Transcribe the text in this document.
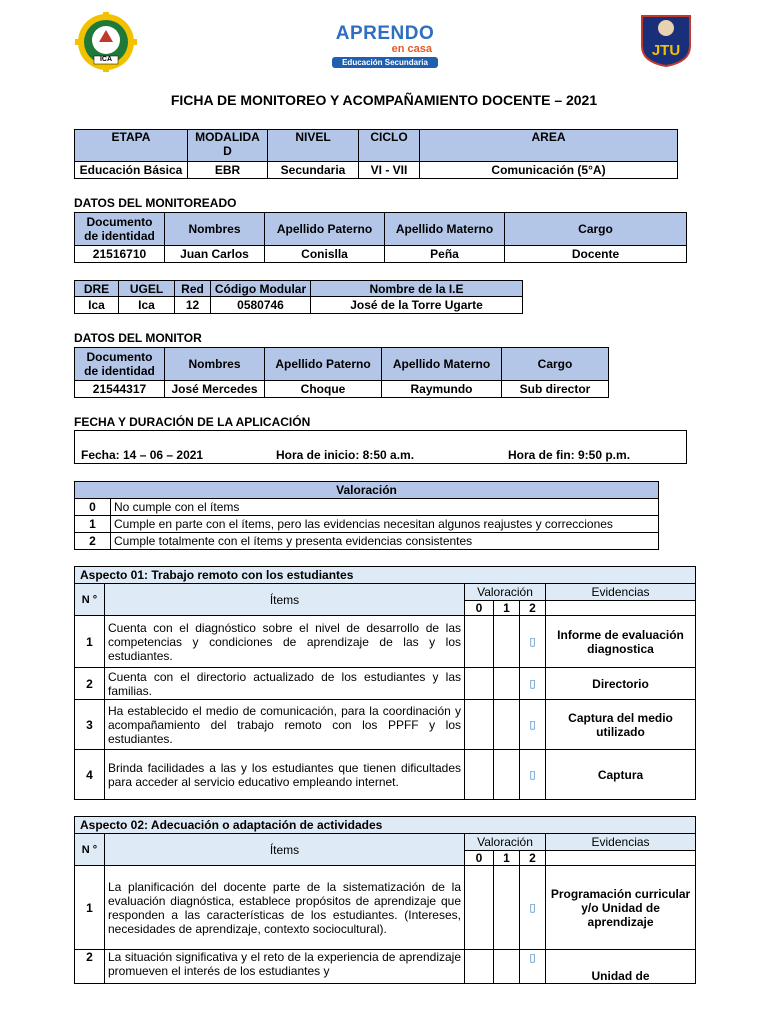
ICA
APRENDO
en casa
Educación Secundaria
JTU
FICHA DE MONITOREO Y ACOMPAÑAMIENTO DOCENTE – 2021
ETAPA	MODALIDAD	NIVEL	CICLO	AREA
Educación Básica	EBR	Secundaria	VI - VII	Comunicación (5°A)
DATOS DEL MONITOREADO
Documento de identidad	Nombres	Apellido Paterno	Apellido Materno	Cargo
21516710	Juan Carlos	Conislla	Peña	Docente
DRE	UGEL	Red	Código Modular	Nombre de la I.E
Ica	Ica	12	0580746	José de la Torre Ugarte
DATOS DEL MONITOR
Documento de identidad	Nombres	Apellido Paterno	Apellido Materno	Cargo
21544317	José Mercedes	Choque	Raymundo	Sub director
FECHA Y DURACIÓN DE LA APLICACIÓN
Fecha: 14 – 06 – 2021	Hora de inicio: 8:50 a.m.	Hora de fin: 9:50 p.m.
Valoración	
0	No cumple con el ítems
1	Cumple en parte con el ítems, pero las evidencias necesitan algunos reajustes y correcciones
2	Cumple totalmente con el ítems y presenta evidencias consistentes
Aspecto 01: Trabajo remoto con los estudiantes					
N °	Ítems	Valoración			Evidencias
		0	1	2	
1	Cuenta con el diagnóstico sobre el nivel de desarrollo de las competencias y condiciones de aprendizaje de las y los estudiantes.			▯	Informe de evaluación diagnostica
2	Cuenta con el directorio actualizado de los estudiantes y las familias.			▯	Directorio
3	Ha establecido el medio de comunicación, para la coordinación y acompañamiento del trabajo remoto con los PPFF y los estudiantes.			▯	Captura del medio utilizado
4	Brinda facilidades a las y los estudiantes que tienen dificultades para acceder al servicio educativo empleando internet.			▯	Captura
Aspecto 02: Adecuación o adaptación de actividades					
N °	Ítems	Valoración			Evidencias
		0	1	2	
1	La planificación del docente parte de la sistematización de la evaluación diagnóstica, establece propósitos de aprendizaje que responden a las características de los estudiantes. (Intereses, necesidades de aprendizaje, contexto sociocultural).			▯	Programación curricular y/o Unidad de aprendizaje
2	La situación significativa y el reto de la experiencia de aprendizaje promueven el interés de los estudiantes y			▯	Unidad de
